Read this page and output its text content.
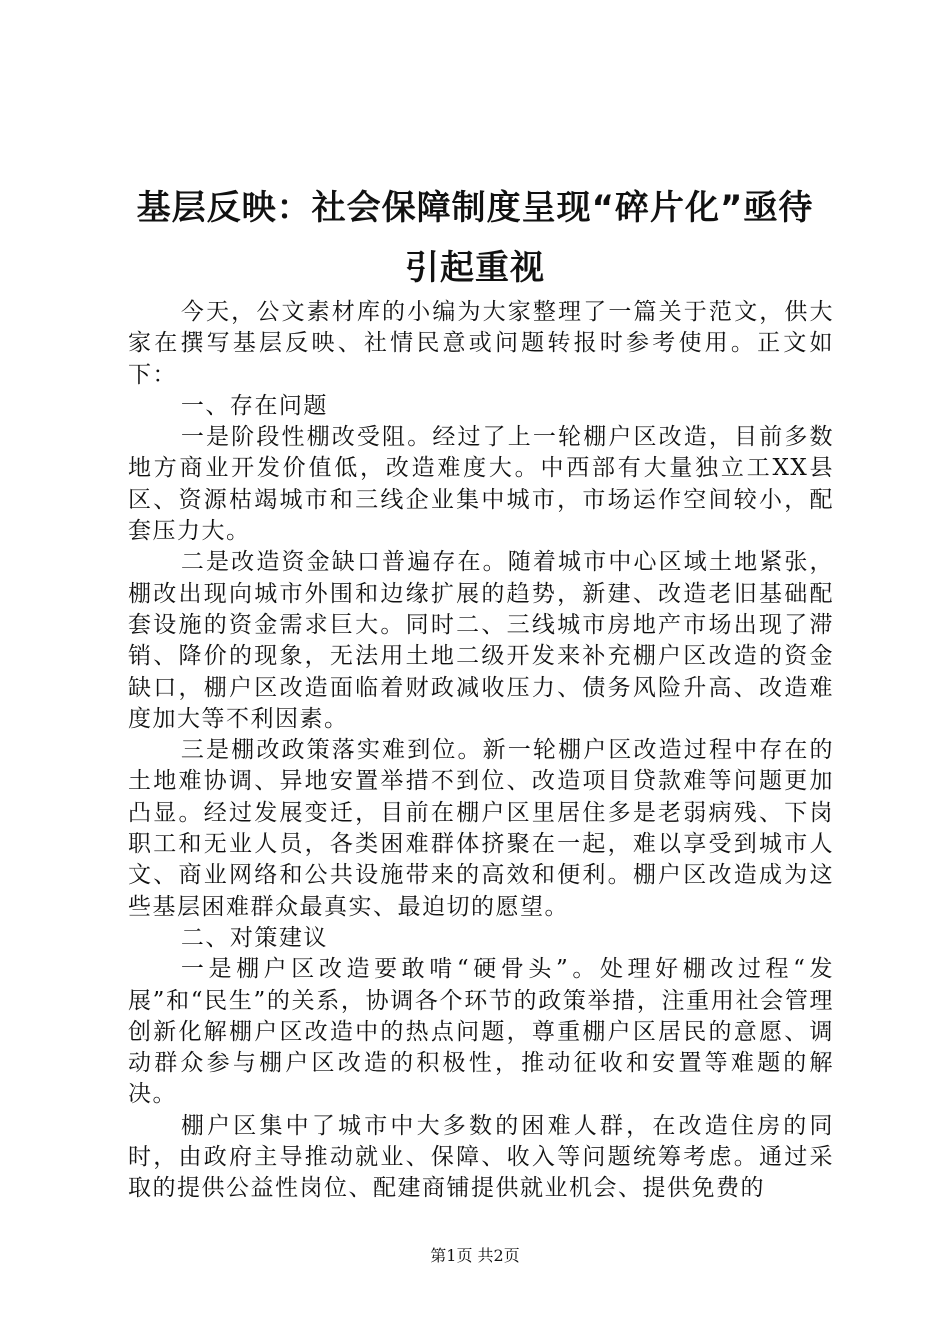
基层反映：社会保障制度呈现“碎片化”亟待
引起重视

今天，公文素材库的小编为大家整理了一篇关于范文，供大家在撰写基层反映、社情民意或问题转报时参考使用。正文如下：

一、存在问题

一是阶段性棚改受阻。经过了上一轮棚户区改造，目前多数地方商业开发价值低，改造难度大。中西部有大量独立工XX县区、资源枯竭城市和三线企业集中城市，市场运作空间较小，配套压力大。

二是改造资金缺口普遍存在。随着城市中心区域土地紧张，棚改出现向城市外围和边缘扩展的趋势，新建、改造老旧基础配套设施的资金需求巨大。同时二、三线城市房地产市场出现了滞销、降价的现象，无法用土地二级开发来补充棚户区改造的资金缺口，棚户区改造面临着财政减收压力、债务风险升高、改造难度加大等不利因素。

三是棚改政策落实难到位。新一轮棚户区改造过程中存在的土地难协调、异地安置举措不到位、改造项目贷款难等问题更加凸显。经过发展变迁，目前在棚户区里居住多是老弱病残、下岗职工和无业人员，各类困难群体挤聚在一起，难以享受到城市人文、商业网络和公共设施带来的高效和便利。棚户区改造成为这些基层困难群众最真实、最迫切的愿望。

二、对策建议

一是棚户区改造要敢啃“硬骨头”。处理好棚改过程“发展”和“民生”的关系，协调各个环节的政策举措，注重用社会管理创新化解棚户区改造中的热点问题，尊重棚户区居民的意愿、调动群众参与棚户区改造的积极性，推动征收和安置等难题的解决。

棚户区集中了城市中大多数的困难人群，在改造住房的同时，由政府主导推动就业、保障、收入等问题统筹考虑。通过采取的提供公益性岗位、配建商铺提供就业机会、提供免费的

第1页 共2页
